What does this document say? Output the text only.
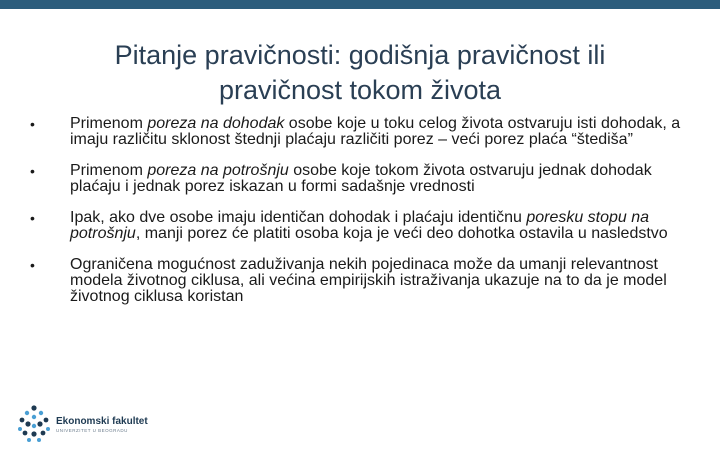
Pitanje pravičnosti: godišnja pravičnost ili
pravičnost tokom života
• Primenom poreza na dohodak osobe koje u toku celog života ostvaruju isti dohodak, a imaju različitu sklonost štednji plaćaju različiti porez – veći porez plaća “štediša”
• Primenom poreza na potrošnju osobe koje tokom života ostvaruju jednak dohodak plaćaju i jednak porez iskazan u formi sadašnje vrednosti
• Ipak, ako dve osobe imaju identičan dohodak i plaćaju identičnu poresku stopu na potrošnju, manji porez će platiti osoba koja je veći deo dohotka ostavila u nasledstvo
• Ograničena mogućnost zaduživanja nekih pojedinaca može da umanji relevantnost modela životnog ciklusa, ali većina empirijskih istraživanja ukazuje na to da je model životnog ciklusa koristan
Ekonomski fakultet
UNIVERZITET U BEOGRADU
